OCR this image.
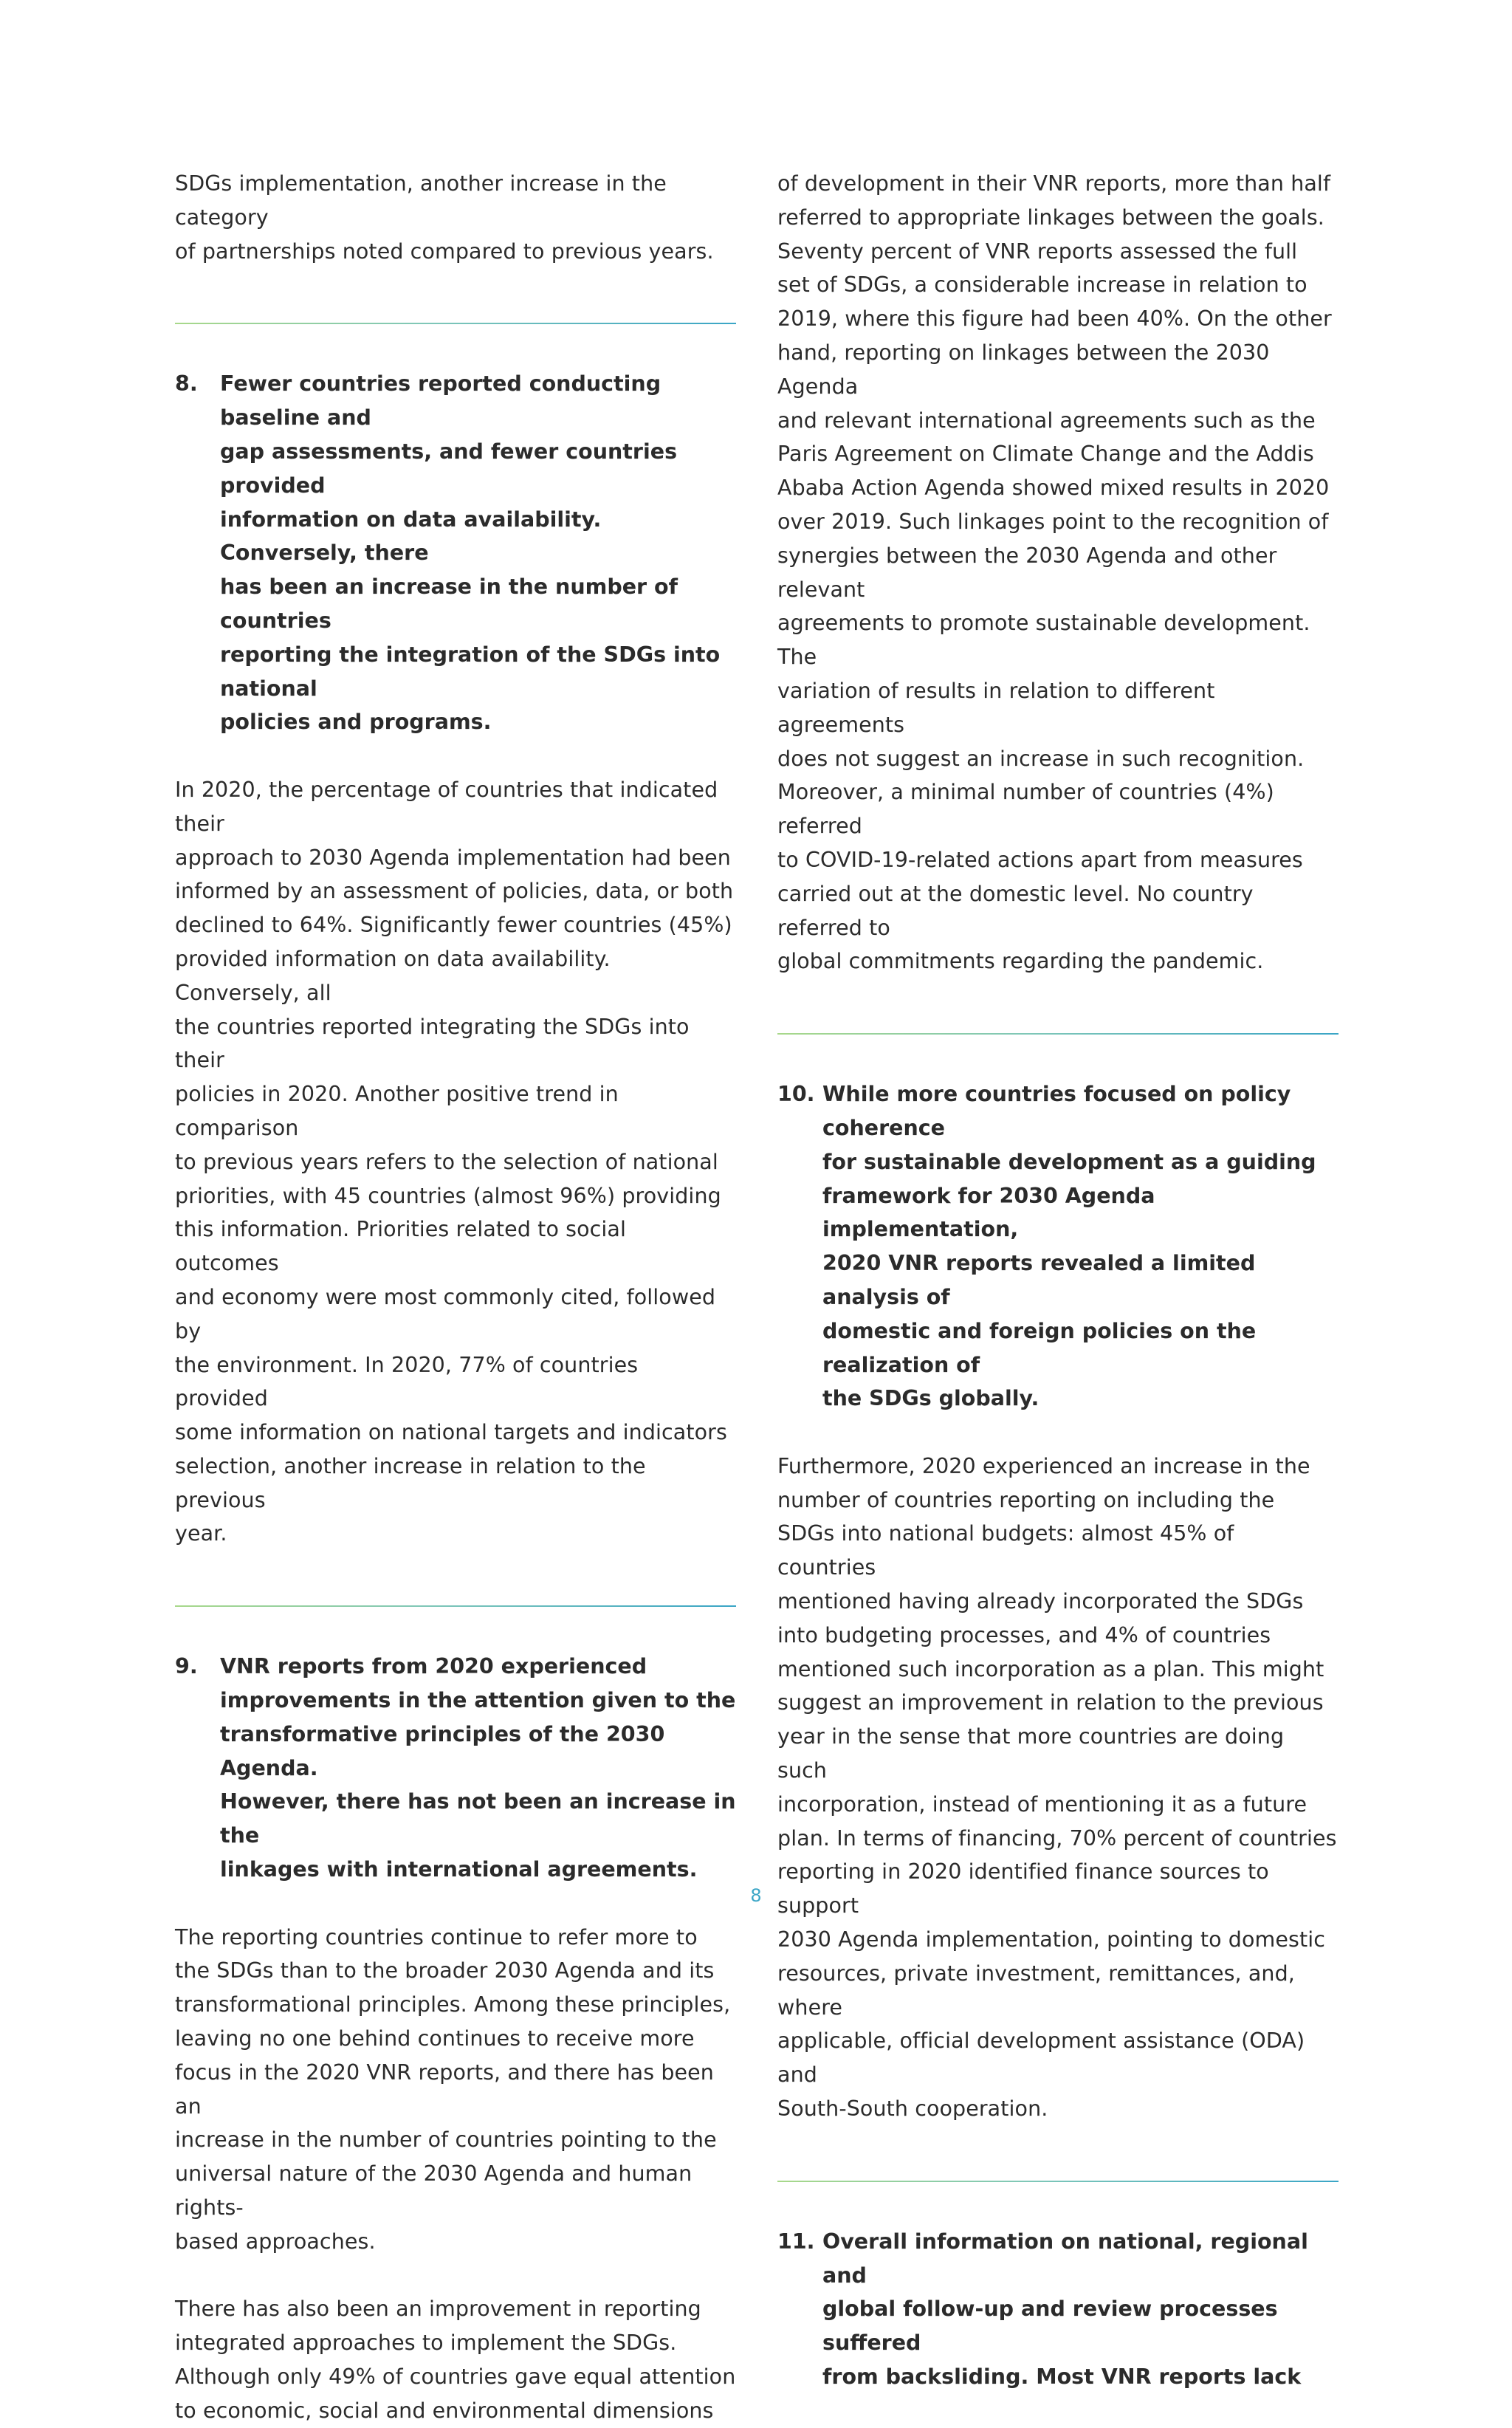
SDGs implementation, another increase in the category
of partnerships noted compared to previous years.

8. Fewer countries reported conducting baseline and
gap assessments, and fewer countries provided
information on data availability. Conversely, there
has been an increase in the number of countries
reporting the integration of the SDGs into national
policies and programs.

In 2020, the percentage of countries that indicated their
approach to 2030 Agenda implementation had been
informed by an assessment of policies, data, or both
declined to 64%. Significantly fewer countries (45%)
provided information on data availability. Conversely, all
the countries reported integrating the SDGs into their
policies in 2020. Another positive trend in comparison
to previous years refers to the selection of national
priorities, with 45 countries (almost 96%) providing
this information. Priorities related to social outcomes
and economy were most commonly cited, followed by
the environment. In 2020, 77% of countries provided
some information on national targets and indicators
selection, another increase in relation to the previous
year.

9. VNR reports from 2020 experienced
improvements in the attention given to the
transformative principles of the 2030 Agenda.
However, there has not been an increase in the
linkages with international agreements.

The reporting countries continue to refer more to
the SDGs than to the broader 2030 Agenda and its
transformational principles. Among these principles,
leaving no one behind continues to receive more
focus in the 2020 VNR reports, and there has been an
increase in the number of countries pointing to the
universal nature of the 2030 Agenda and human rights-
based approaches.

There has also been an improvement in reporting
integrated approaches to implement the SDGs.
Although only 49% of countries gave equal attention
to economic, social and environmental dimensions

of development in their VNR reports, more than half
referred to appropriate linkages between the goals.
Seventy percent of VNR reports assessed the full
set of SDGs, a considerable increase in relation to
2019, where this figure had been 40%. On the other
hand, reporting on linkages between the 2030 Agenda
and relevant international agreements such as the
Paris Agreement on Climate Change and the Addis
Ababa Action Agenda showed mixed results in 2020
over 2019. Such linkages point to the recognition of
synergies between the 2030 Agenda and other relevant
agreements to promote sustainable development. The
variation of results in relation to different agreements
does not suggest an increase in such recognition.
Moreover, a minimal number of countries (4%) referred
to COVID-19-related actions apart from measures
carried out at the domestic level. No country referred to
global commitments regarding the pandemic.

10. While more countries focused on policy coherence
for sustainable development as a guiding
framework for 2030 Agenda implementation,
2020 VNR reports revealed a limited analysis of
domestic and foreign policies on the realization of
the SDGs globally.

Furthermore, 2020 experienced an increase in the
number of countries reporting on including the
SDGs into national budgets: almost 45% of countries
mentioned having already incorporated the SDGs
into budgeting processes, and 4% of countries
mentioned such incorporation as a plan. This might
suggest an improvement in relation to the previous
year in the sense that more countries are doing such
incorporation, instead of mentioning it as a future
plan. In terms of financing, 70% percent of countries
reporting in 2020 identified finance sources to support
2030 Agenda implementation, pointing to domestic
resources, private investment, remittances, and, where
applicable, official development assistance (ODA) and
South-South cooperation.

11. Overall information on national, regional and
global follow-up and review processes suffered
from backsliding. Most VNR reports lack

8
